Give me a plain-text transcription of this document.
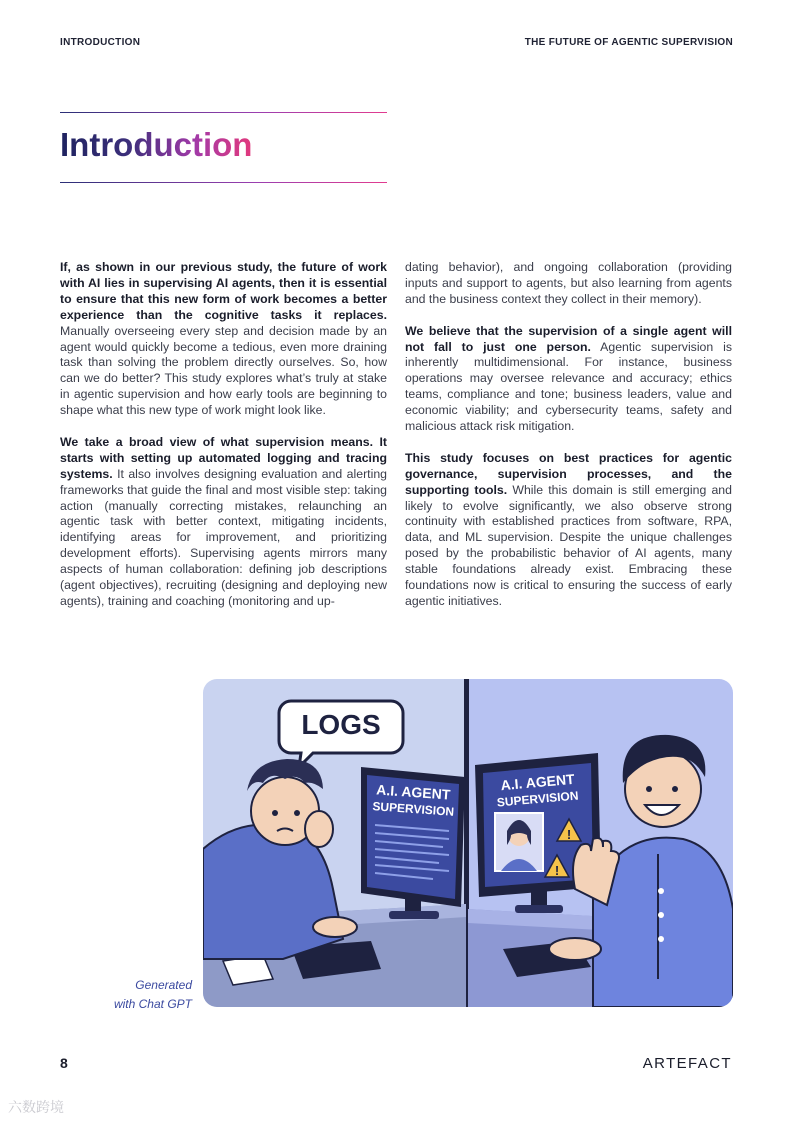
INTRODUCTION	THE FUTURE OF AGENTIC SUPERVISION
Introduction

If, as shown in our previous study, the future of work with AI lies in supervising AI agents, then it is essential to ensure that this new form of work becomes a better experience than the cognitive tasks it replaces. Manually overseeing every step and decision made by an agent would quickly become a tedious, even more draining task than solving the problem directly ourselves. So, how can we do better? This study explores what’s truly at stake in agentic supervision and how early tools are beginning to shape what this new type of work might look like.

We take a broad view of what supervision means. It starts with setting up automated logging and tracing systems. It also involves designing evaluation and alerting frameworks that guide the final and most visible step: taking action (manually correcting mistakes, relaunching an agentic task with better context, mitigating incidents, identifying areas for improvement, and prioritizing development efforts). Supervising agents mirrors many aspects of human collaboration: defining job descriptions (agent objectives), recruiting (designing and deploying new agents), training and coaching (monitoring and up-

dating behavior), and ongoing collaboration (providing inputs and support to agents, but also learning from agents and the business context they collect in their memory).

We believe that the supervision of a single agent will not fall to just one person. Agentic supervision is inherently multidimensional. For instance, business operations may oversee relevance and accuracy; ethics teams, compliance and tone; business leaders, value and economic viability; and cybersecurity teams, safety and malicious attack risk mitigation.

This study focuses on best practices for agentic governance, supervision processes, and the supporting tools. While this domain is still emerging and likely to evolve significantly, we also observe strong continuity with established practices from software, RPA, data, and ML supervision. Despite the unique challenges posed by the probabilistic behavior of AI agents, many stable foundations already exist. Embracing these foundations now is critical to ensuring the success of early agentic initiatives.

LOGS
A.I. AGENT
SUPERVISION
A.I. AGENT
SUPERVISION
!
!
Generated
with Chat GPT
8	ARTEFACT
六数跨境
